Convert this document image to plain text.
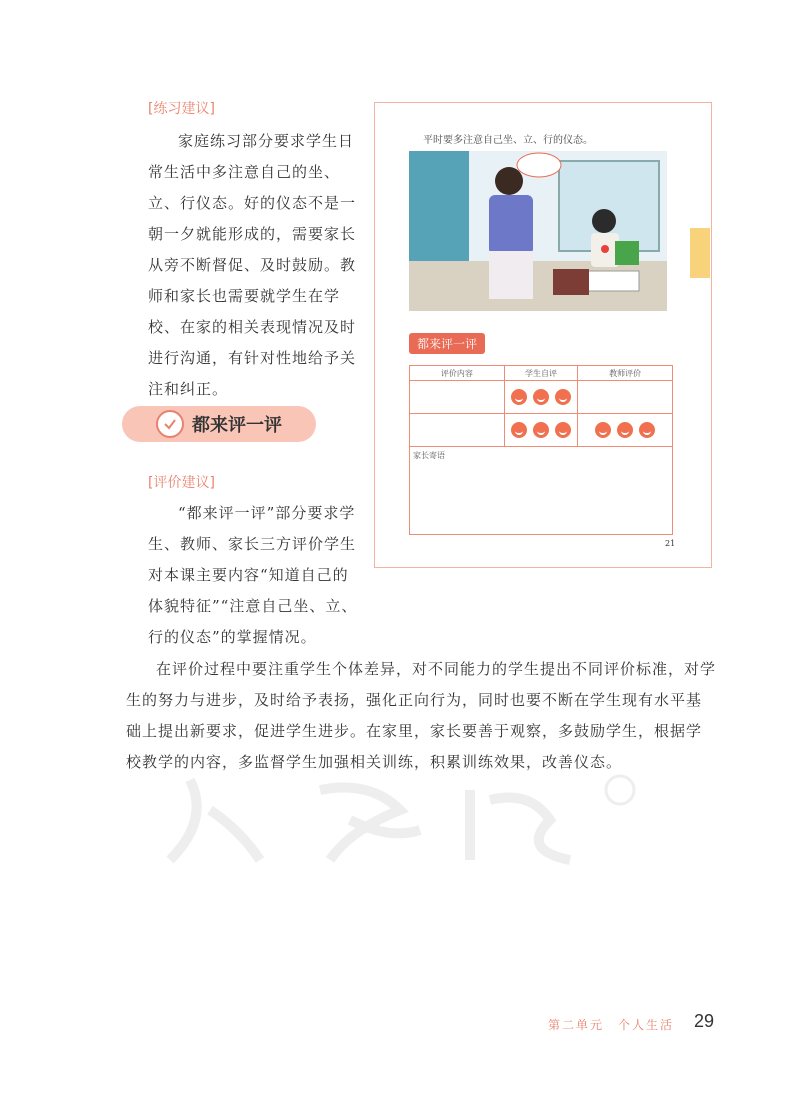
[练习建议]

家庭练习部分要求学生日常生活中多注意自己的坐、立、行仪态。好的仪态不是一朝一夕就能形成的，需要家长从旁不断督促、及时鼓励。教师和家长也需要就学生在学校、在家的相关表现情况及时进行沟通，有针对性地给予关注和纠正。

都来评一评
[评价建议]

“都来评一评”部分要求学生、教师、家长三方评价学生对本课主要内容“知道自己的体貌特征”“注意自己坐、立、行的仪态”的掌握情况。

平时要多注意自己坐、立、行的仪态。
都来评一评
评价内容	学生自评	教师评价

家长寄语		
21

在评价过程中要注重学生个体差异，对不同能力的学生提出不同评价标准，对学生的努力与进步，及时给予表扬，强化正向行为，同时也要不断在学生现有水平基础上提出新要求，促进学生进步。在家里，家长要善于观察，多鼓励学生，根据学校教学的内容，多监督学生加强相关训练，积累训练效果，改善仪态。

第二单元　个人生活 29
